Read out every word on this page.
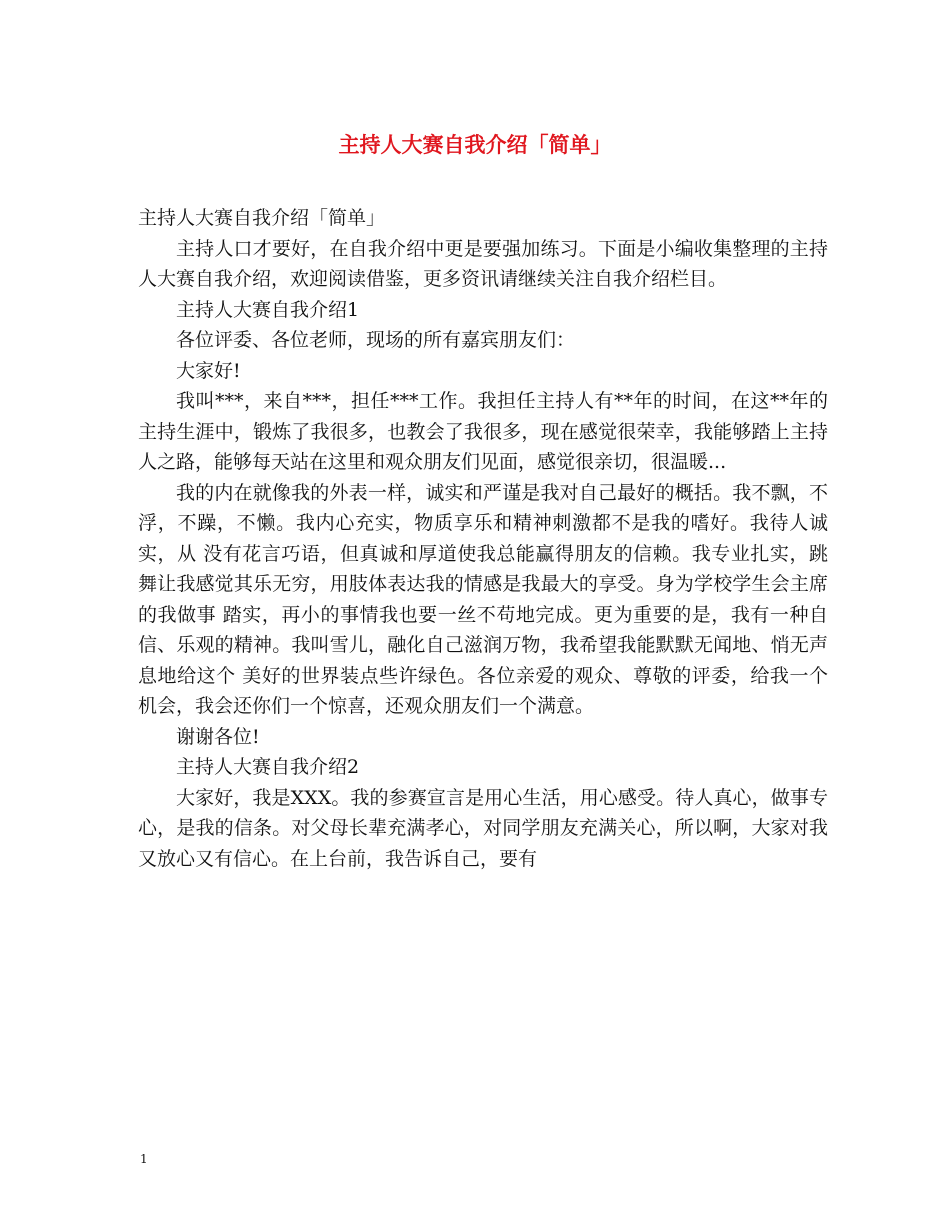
主持人大赛自我介绍「简单」

主持人大赛自我介绍「简单」

主持人口才要好，在自我介绍中更是要强加练习。下面是小编收集整理的主持人大赛自我介绍，欢迎阅读借鉴，更多资讯请继续关注自我介绍栏目。

主持人大赛自我介绍1

各位评委、各位老师，现场的所有嘉宾朋友们：

大家好!

我叫***，来自***，担任***工作。我担任主持人有**年的时间，在这**年的主持生涯中，锻炼了我很多，也教会了我很多，现在感觉很荣幸，我能够踏上主持人之路，能够每天站在这里和观众朋友们见面，感觉很亲切，很温暖...

我的内在就像我的外表一样，诚实和严谨是我对自己最好的概括。我不飘，不浮，不躁，不懒。我内心充实，物质享乐和精神刺激都不是我的嗜好。我待人诚实，从 没有花言巧语，但真诚和厚道使我总能赢得朋友的信赖。我专业扎实，跳舞让我感觉其乐无穷，用肢体表达我的情感是我最大的享受。身为学校学生会主席的我做事 踏实，再小的事情我也要一丝不苟地完成。更为重要的是，我有一种自信、乐观的精神。我叫雪儿，融化自己滋润万物，我希望我能默默无闻地、悄无声息地给这个 美好的世界装点些许绿色。各位亲爱的观众、尊敬的评委，给我一个机会，我会还你们一个惊喜，还观众朋友们一个满意。

谢谢各位!

主持人大赛自我介绍2

大家好，我是XXX。我的参赛宣言是用心生活，用心感受。待人真心，做事专心，是我的信条。对父母长辈充满孝心，对同学朋友充满关心，所以啊，大家对我又放心又有信心。在上台前，我告诉自己，要有

1
